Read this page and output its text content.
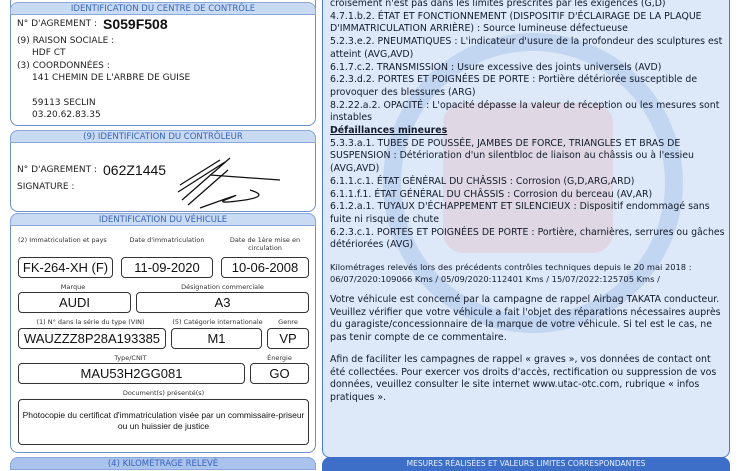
IDENTIFICATION DU CENTRE DE CONTRÔLE
N° D'AGREMENT : S059F508
(9) RAISON SOCIALE :
HDF CT
(3) COORDONNÉES :
141 CHEMIN DE L'ARBRE DE GUISE
59113 SECLIN
03.20.62.83.35
(9) IDENTIFICATION DU CONTRÔLEUR
N° D'AGREMENT : 062Z1445
SIGNATURE :
IDENTIFICATION DU VÉHICULE
(2) Immatriculation et pays	Date d'immatriculation	Date de 1ère mise en circulation
FK-264-XH (F)	11-09-2020	10-06-2008
Marque	Désignation commerciale
AUDI	A3
(1) N° dans la série du type (VIN)	(5) Catégorie internationale	Genre
WAUZZZ8P28A193385	M1	VP
Type/CNIT	Énergie
MAU53H2GG081	GO
Document(s) présenté(s)
Photocopie du certificat d'immatriculation visée par un commissaire-priseur ou un huissier de justice
(4) KILOMÉTRAGE RELEVÉ
croisement n'est pas dans les limites prescrites par les exigences (G,D)
4.7.1.b.2. ÉTAT ET FONCTIONNEMENT (DISPOSITIF D'ÉCLAIRAGE DE LA PLAQUE D'IMMATRICULATION ARRIÈRE) : Source lumineuse défectueuse
5.2.3.e.2. PNEUMATIQUES : L'indicateur d'usure de la profondeur des sculptures est atteint (AVG,AVD)
6.1.7.c.2. TRANSMISSION : Usure excessive des joints universels (AVD)
6.2.3.d.2. PORTES ET POIGNÉES DE PORTE : Portière détériorée susceptible de provoquer des blessures (ARG)
8.2.22.a.2. OPACITÉ : L'opacité dépasse la valeur de réception ou les mesures sont instables
Défaillances mineures
5.3.3.a.1. TUBES DE POUSSÉE, JAMBES DE FORCE, TRIANGLES ET BRAS DE SUSPENSION : Détérioration d'un silentbloc de liaison au châssis ou à l'essieu (AVG,AVD)
6.1.1.c.1. ÉTAT GÉNÉRAL DU CHÂSSIS : Corrosion (G,D,ARG,ARD)
6.1.1.f.1. ÉTAT GÉNÉRAL DU CHÂSSIS : Corrosion du berceau (AV,AR)
6.1.2.a.1. TUYAUX D'ÉCHAPPEMENT ET SILENCIEUX : Dispositif endommagé sans fuite ni risque de chute
6.2.3.c.1. PORTES ET POIGNÉES DE PORTE : Portière, charnières, serrures ou gâches détériorées (AVG)
Kilométrages relevés lors des précédents contrôles techniques depuis le 20 mai 2018 : 06/07/2020:109066 Kms / 05/09/2020:112401 Kms / 15/07/2022:125705 Kms /
Votre véhicule est concerné par la campagne de rappel Airbag TAKATA conducteur. Veuillez vérifier que votre véhicule a fait l'objet des réparations nécessaires auprès du garagiste/concessionnaire de la marque de votre véhicule. Si tel est le cas, ne pas tenir compte de ce commentaire.
Afin de faciliter les campagnes de rappel « graves », vos données de contact ont été collectées. Pour exercer vos droits d'accès, rectification ou suppression de vos données, veuillez consulter le site internet www.utac-otc.com, rubrique « infos pratiques ».
MESURES RÉALISÉES ET VALEURS LIMITES CORRESPONDANTES
